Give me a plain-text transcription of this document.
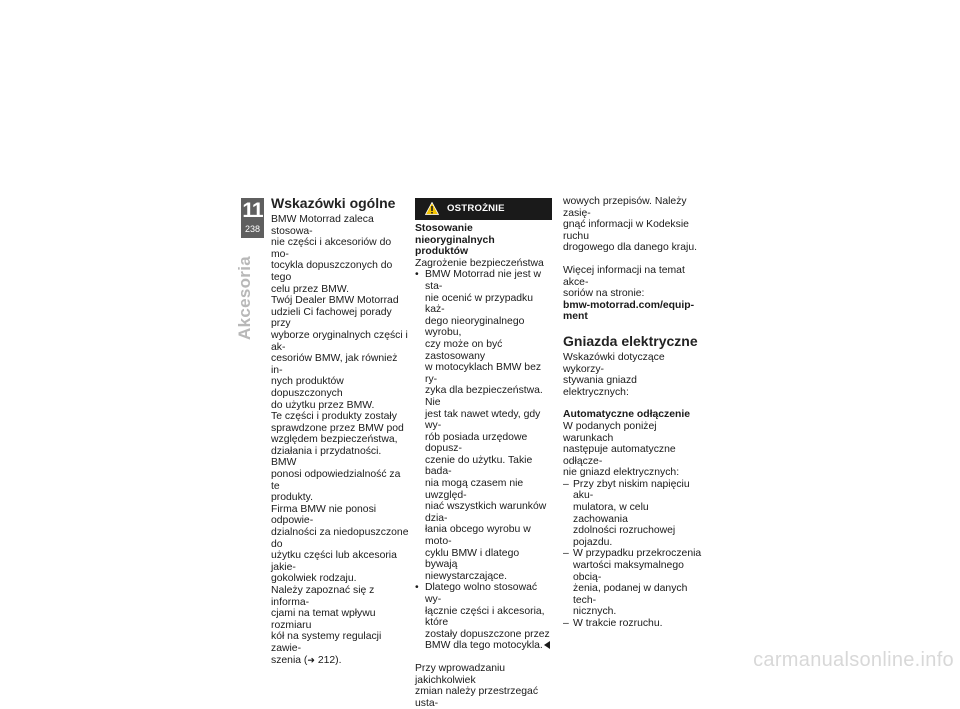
11
238
Akcesoria
Wskazówki ogólne

BMW Motorrad zaleca stosowa-

nie części i akcesoriów do mo-

tocykla dopuszczonych do tego

celu przez BMW.

Twój Dealer BMW Motorrad

udzieli Ci fachowej porady przy

wyborze oryginalnych części i ak-

cesoriów BMW, jak również in-

nych produktów dopuszczonych

do użytku przez BMW.

Te części i produkty zostały

sprawdzone przez BMW pod

względem bezpieczeństwa,

działania i przydatności. BMW

ponosi odpowiedzialność za te

produkty.

Firma BMW nie ponosi odpowie-

dzialności za niedopuszczone do

użytku części lub akcesoria jakie-

gokolwiek rodzaju.

Należy zapoznać się z informa-

cjami na temat wpływu rozmiaru

kół na systemy regulacji zawie-

szenia (➜ 212).

OSTROŻNIE
Stosowanie nieoryginalnych
produktów

Zagrożenie bezpieczeństwa

• BMW Motorrad nie jest w sta-
nie ocenić w przypadku każ-
dego nieoryginalnego wyrobu,
czy może on być zastosowany
w motocyklach BMW bez ry-
zyka dla bezpieczeństwa. Nie
jest tak nawet wtedy, gdy wy-
rób posiada urzędowe dopusz-
czenie do użytku. Takie bada-
nia mogą czasem nie uwzględ-
niać wszystkich warunków dzia-
łania obcego wyrobu w moto-
cyklu BMW i dlatego bywają
niewystarczające.
• Dlatego wolno stosować wy-
łącznie części i akcesoria, które
zostały dopuszczone przez
BMW dla tego motocykla.

Przy wprowadzaniu jakichkolwiek

zmian należy przestrzegać usta-

wowych przepisów. Należy zasię-

gnąć informacji w Kodeksie ruchu

drogowego dla danego kraju.

Więcej informacji na temat akce-

soriów na stronie:

bmw-motorrad.com/equip-
ment

Gniazda elektryczne

Wskazówki dotyczące wykorzy-

stywania gniazd elektrycznych:

Automatyczne odłączenie

W podanych poniżej warunkach

następuje automatyczne odłącze-

nie gniazd elektrycznych:

– Przy zbyt niskim napięciu aku-
mulatora, w celu zachowania
zdolności rozruchowej pojazdu.
– W przypadku przekroczenia
wartości maksymalnego obcią-
żenia, podanej w danych tech-
nicznych.
– W trakcie rozruchu.
carmanualsonline.info
